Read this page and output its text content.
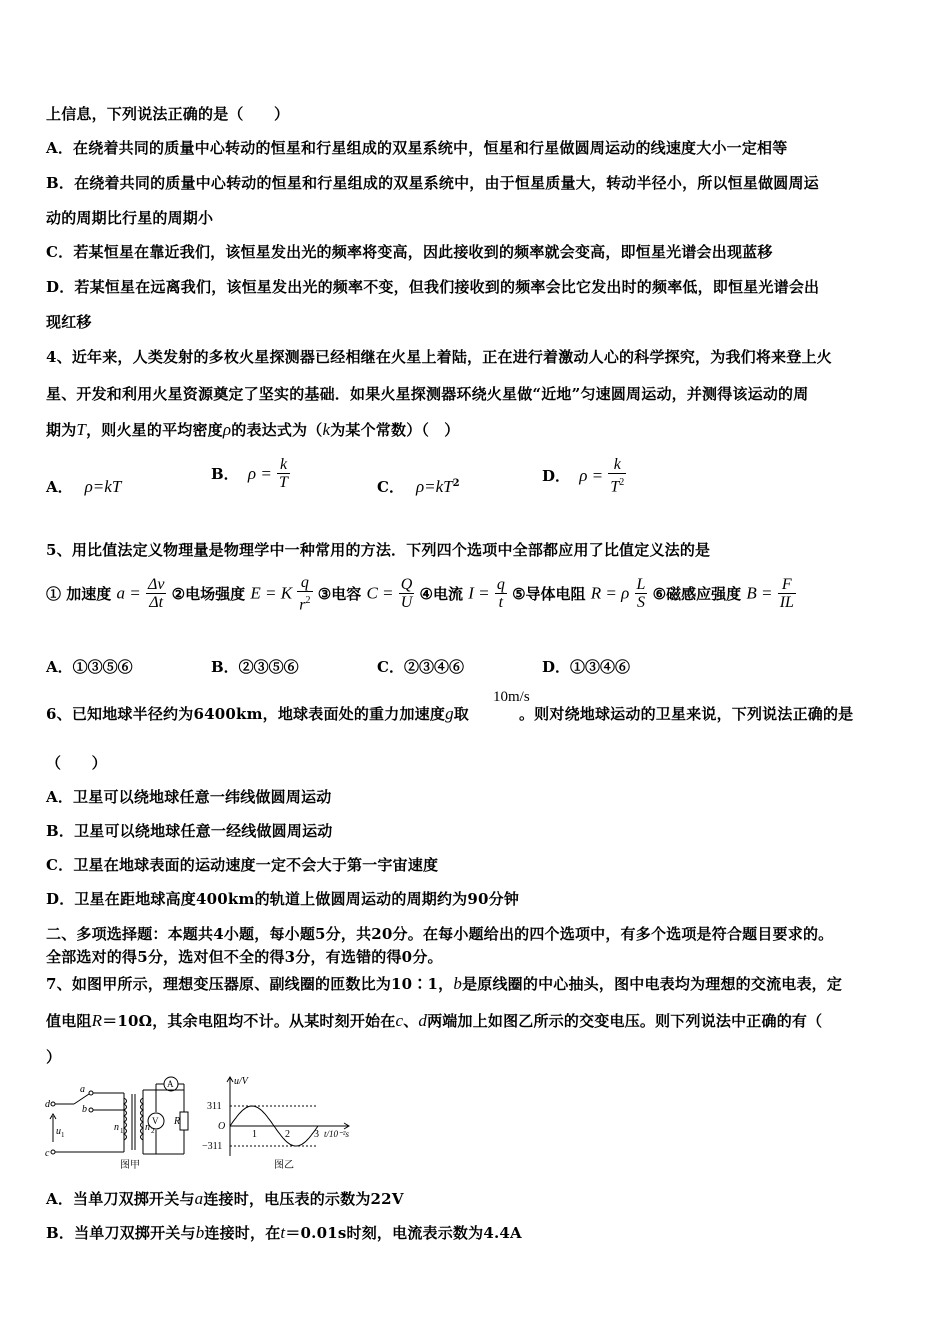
上信息，下列说法正确的是（　　）
A．在绕着共同的质量中心转动的恒星和行星组成的双星系统中，恒星和行星做圆周运动的线速度大小一定相等
B．在绕着共同的质量中心转动的恒星和行星组成的双星系统中，由于恒星质量大，转动半径小，所以恒星做圆周运
动的周期比行星的周期小
C．若某恒星在靠近我们，该恒星发出光的频率将变高，因此接收到的频率就会变高，即恒星光谱会出现蓝移
D．若某恒星在远离我们，该恒星发出光的频率不变，但我们接收到的频率会比它发出时的频率低，即恒星光谱会出
现红移
4、近年来，人类发射的多枚火星探测器已经相继在火星上着陆，正在进行着激动人心的科学探究，为我们将来登上火
星、开发和利用火星资源奠定了坚实的基础．如果火星探测器环绕火星做“近地”匀速圆周运动，并测得该运动的周
期为T，则火星的平均密度ρ的表达式为（k为某个常数）（　）
A． ρ=kT
B． $\rho = \frac{k}{T}$	C． $\rho=kT^2$	D． $\rho = \frac{k}{T^2}$
5、用比值法定义物理量是物理学中一种常用的方法．下列四个选项中全部都应用了比值定义法的是
① 加速度 $a = \frac{\Delta v}{\Delta t}$ ②电场强度 E = K $\frac{q}{r^2}$ ③电容 $C = \frac{Q}{U}$ ④电流 $I = \frac{q}{t}$ ⑤导体电阻 R = ρ $\frac{L}{S}$ ⑥磁感应强度 $B = \frac{F}{IL}$
A．①③⑤⑥	B．②③⑤⑥	C．②③④⑥	D．①③④⑥
6、已知地球半径约为6400km，地球表面处的重力加速度g取	。则对绕地球运动的卫星来说，下列说法正确的是
10m/s
（　　）
A．卫星可以绕地球任意一纬线做圆周运动
B．卫星可以绕地球任意一经线做圆周运动
C．卫星在地球表面的运动速度一定不会大于第一宇宙速度
D．卫星在距地球高度400km的轨道上做圆周运动的周期约为90分钟
二、多项选择题：本题共4小题，每小题5分，共20分。在每小题给出的四个选项中，有多个选项是符合题目要求的。
全部选对的得5分，选对但不全的得3分，有选错的得0分。
7、如图甲所示，理想变压器原、副线圈的匝数比为10∶1，b是原线圈的中心抽头，图中电表均为理想的交流电表，定
值电阻R＝10Ω，其余电阻均不计。从某时刻开始在c、d两端加上如图乙所示的交变电压。则下列说法中正确的有（
）
d
c
a
b
u 1
n 1 n 2
R
A
V
图甲
u/V
311
O
−311
1	2 3 t/10⁻²s
图乙
A．当单刀双掷开关与a连接时，电压表的示数为22V
B．当单刀双掷开关与b连接时，在t＝0.01s时刻，电流表示数为4.4A
